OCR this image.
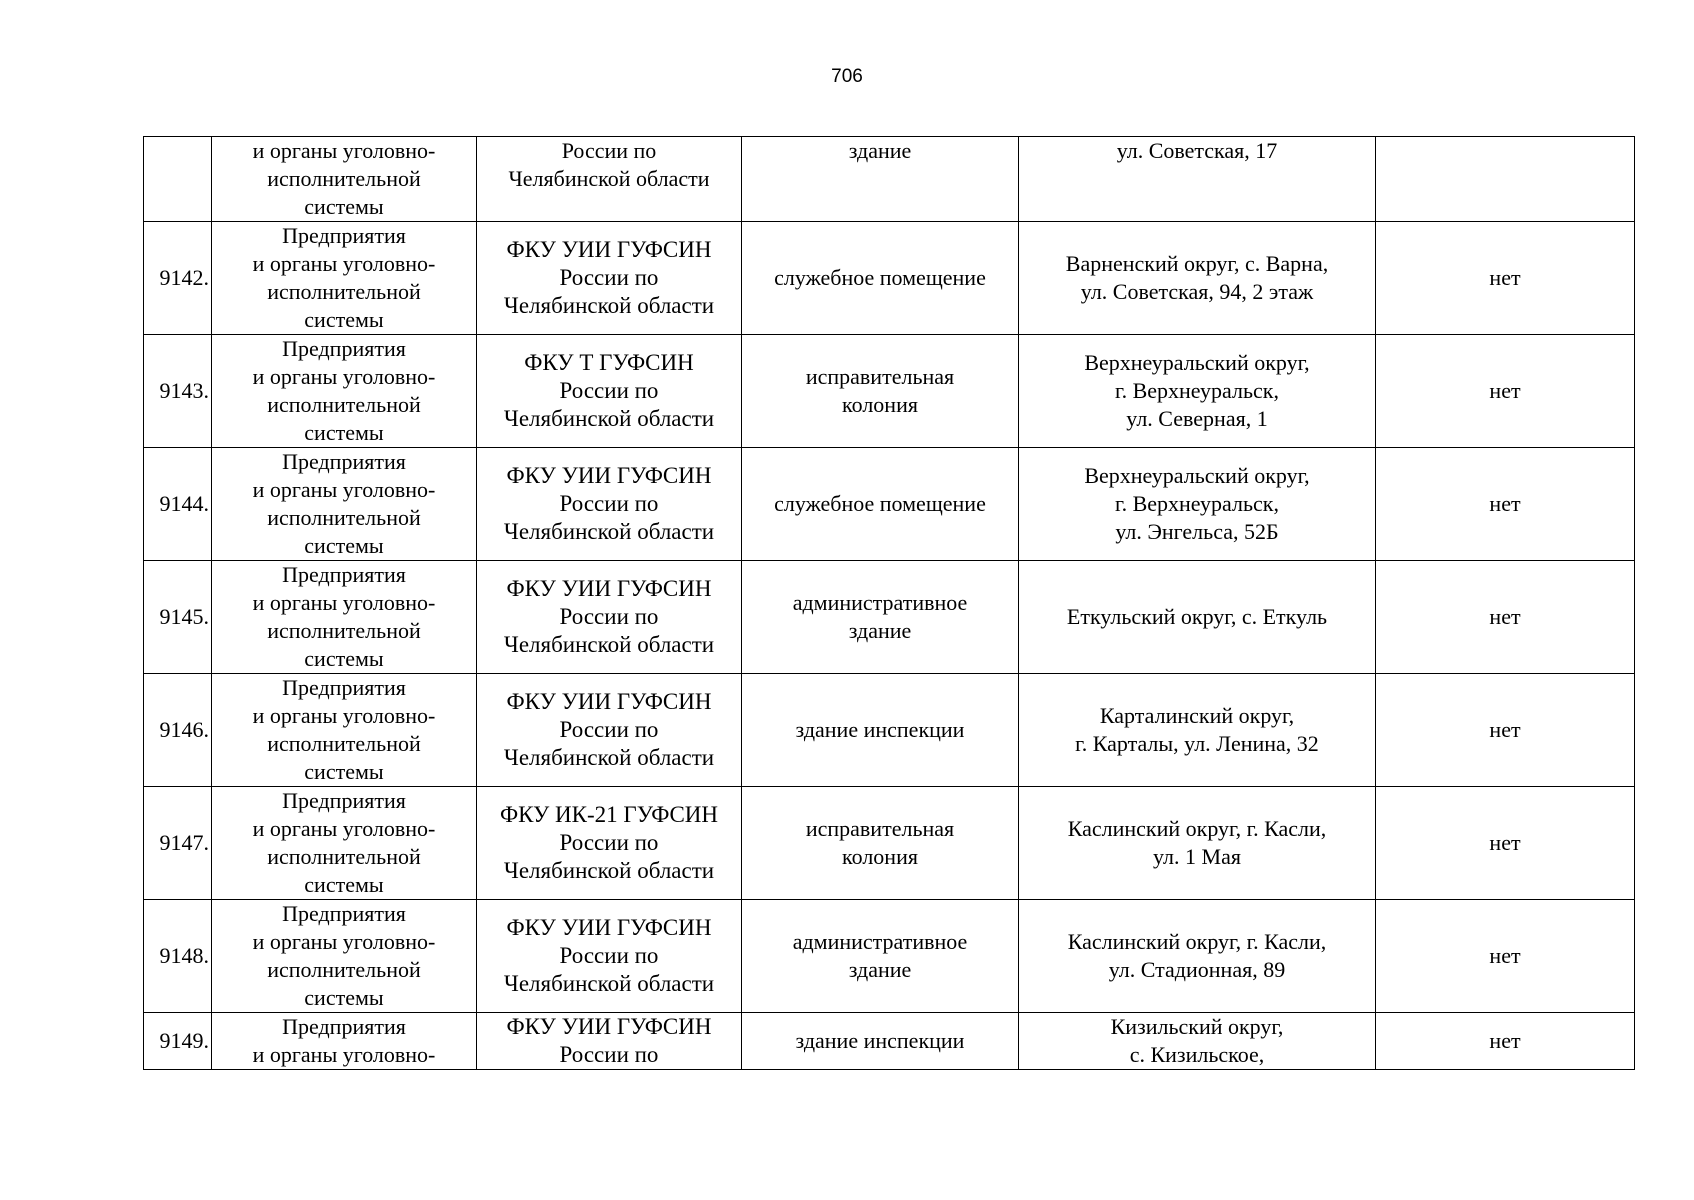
706

	и органы уголовно-
исполнительной
системы	России по
Челябинской области	здание	ул. Советская, 17	

9142.	Предприятия
и органы уголовно-
исполнительной
системы	ФКУ УИИ ГУФСИН
России по
Челябинской области	служебное помещение	Варненский округ, с. Варна,
ул. Советская, 94, 2 этаж	нет

9143.	Предприятия
и органы уголовно-
исполнительной
системы	ФКУ Т ГУФСИН
России по
Челябинской области	исправительная
колония	Верхнеуральский округ,
г. Верхнеуральск,
ул. Северная, 1	нет

9144.	Предприятия
и органы уголовно-
исполнительной
системы	ФКУ УИИ ГУФСИН
России по
Челябинской области	служебное помещение	Верхнеуральский округ,
г. Верхнеуральск,
ул. Энгельса, 52Б	нет

9145.	Предприятия
и органы уголовно-
исполнительной
системы	ФКУ УИИ ГУФСИН
России по
Челябинской области	административное
здание	Еткульский округ, с. Еткуль	нет

9146.	Предприятия
и органы уголовно-
исполнительной
системы	ФКУ УИИ ГУФСИН
России по
Челябинской области	здание инспекции	Карталинский округ,
г. Карталы, ул. Ленина, 32	нет

9147.	Предприятия
и органы уголовно-
исполнительной
системы	ФКУ ИК-21 ГУФСИН
России по
Челябинской области	исправительная
колония	Каслинский округ, г. Касли,
ул. 1 Мая	нет

9148.	Предприятия
и органы уголовно-
исполнительной
системы	ФКУ УИИ ГУФСИН
России по
Челябинской области	административное
здание	Каслинский округ, г. Касли,
ул. Стадионная, 89	нет

9149.	Предприятия
и органы уголовно-	ФКУ УИИ ГУФСИН
России по	здание инспекции	Кизильский округ,
с. Кизильское,	нет
